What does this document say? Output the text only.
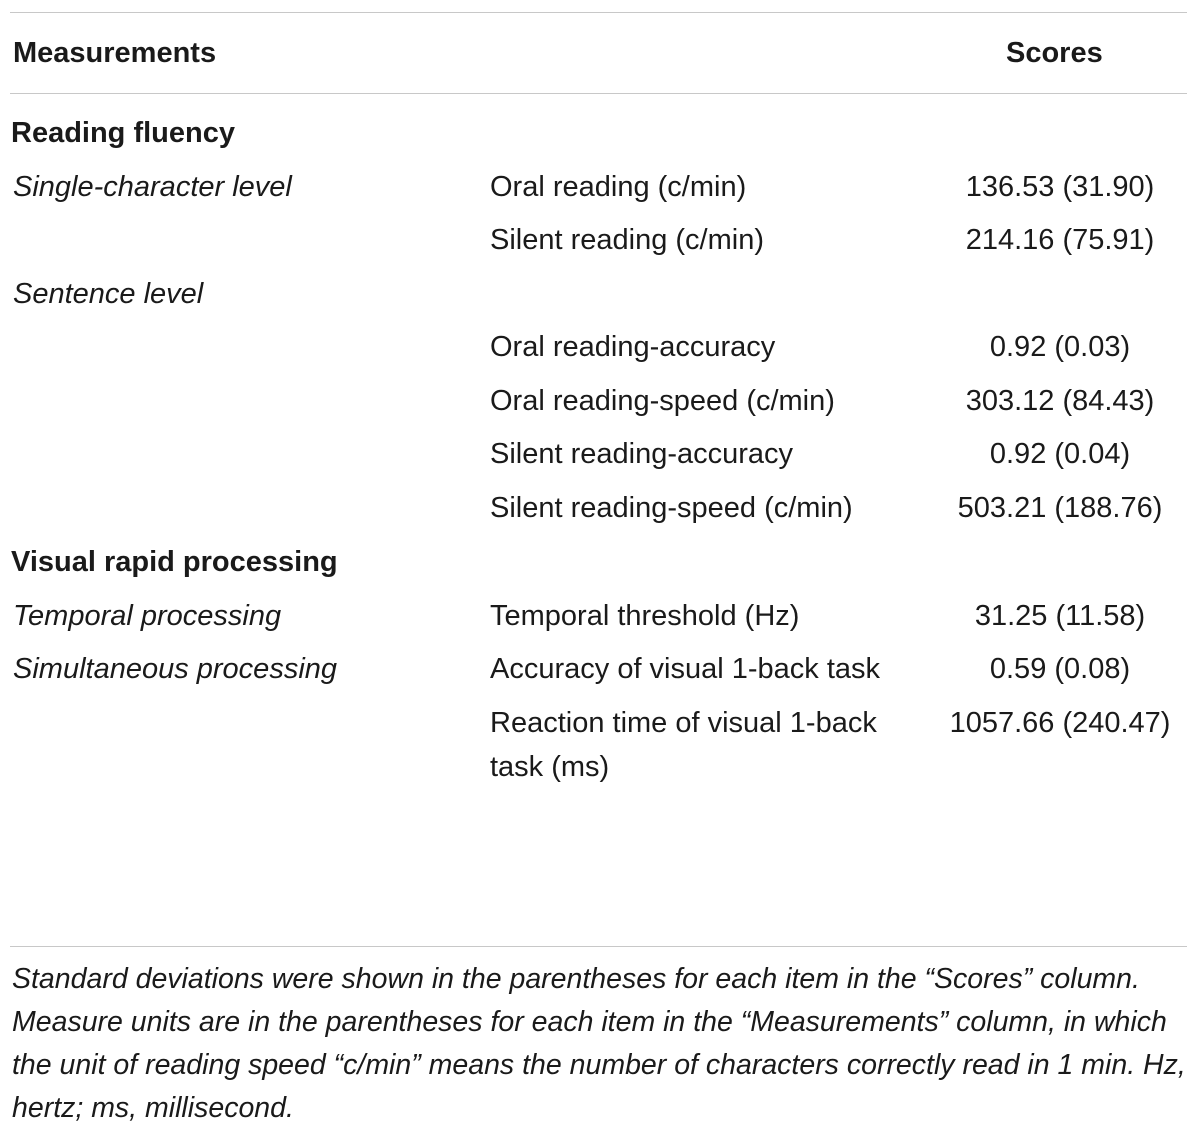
Measurements	Scores
Reading fluency		
Single-character level	Oral reading (c/min)	136.53 (31.90)
	Silent reading (c/min)	214.16 (75.91)
Sentence level		
	Oral reading-accuracy	0.92 (0.03)
	Oral reading-speed (c/min)	303.12 (84.43)
	Silent reading-accuracy	0.92 (0.04)
	Silent reading-speed (c/min)	503.21 (188.76)
Visual rapid processing		
Temporal processing	Temporal threshold (Hz)	31.25 (11.58)
Simultaneous processing	Accuracy of visual 1-back task	0.59 (0.08)
	Reaction time of visual 1-back task (ms)	1057.66 (240.47)
Standard deviations were shown in the parentheses for each item in the “Scores” column. Measure units are in the parentheses for each item in the “Measurements” column, in which the unit of reading speed “c/min” means the number of characters correctly read in 1 min. Hz, hertz; ms, millisecond.
